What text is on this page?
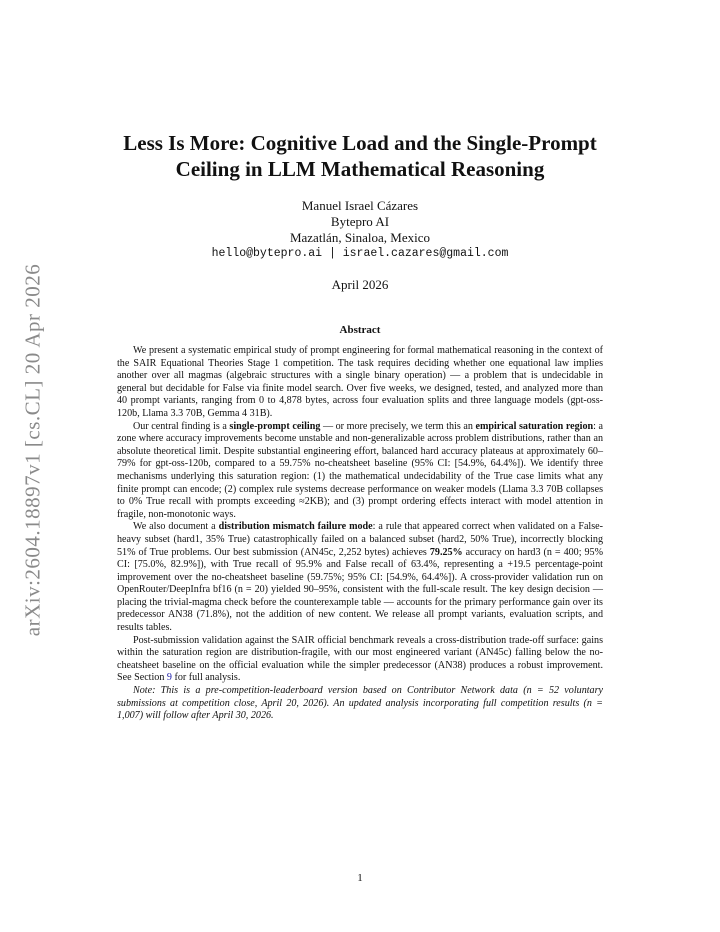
arXiv:2604.18897v1 [cs.CL] 20 Apr 2026
Less Is More: Cognitive Load and the Single-Prompt
Ceiling in LLM Mathematical Reasoning
Manuel Israel Cázares
Bytepro AI
Mazatlán, Sinaloa, Mexico
hello@bytepro.ai | israel.cazares@gmail.com
April 2026
Abstract

We present a systematic empirical study of prompt engineering for formal mathematical reasoning in the context of the SAIR Equational Theories Stage 1 competition. The task requires deciding whether one equational law implies another over all magmas (algebraic structures with a single binary operation) — a problem that is undecidable in general but decidable for False via finite model search. Over five weeks, we designed, tested, and analyzed more than 40 prompt variants, ranging from 0 to 4,878 bytes, across four evaluation splits and three language models (gpt-oss-120b, Llama 3.3 70B, Gemma 4 31B).

Our central finding is a single-prompt ceiling — or more precisely, we term this an empirical saturation region: a zone where accuracy improvements become unstable and non-generalizable across problem distributions, rather than an absolute theoretical limit. Despite substantial engineering effort, balanced hard accuracy plateaus at approximately 60–79% for gpt-oss-120b, compared to a 59.75% no-cheatsheet baseline (95% CI: [54.9%, 64.4%]). We identify three mechanisms underlying this saturation region: (1) the mathematical undecidability of the True case limits what any finite prompt can encode; (2) complex rule systems decrease performance on weaker models (Llama 3.3 70B collapses to 0% True recall with prompts exceeding ≈2KB); and (3) prompt ordering effects interact with model attention in fragile, non-monotonic ways.

We also document a distribution mismatch failure mode: a rule that appeared correct when validated on a False-heavy subset (hard1, 35% True) catastrophically failed on a balanced subset (hard2, 50% True), incorrectly blocking 51% of True problems. Our best submission (AN45c, 2,252 bytes) achieves 79.25% accuracy on hard3 (n = 400; 95% CI: [75.0%, 82.9%]), with True recall of 95.9% and False recall of 63.4%, representing a +19.5 percentage-point improvement over the no-cheatsheet baseline (59.75%; 95% CI: [54.9%, 64.4%]). A cross-provider validation run on OpenRouter/DeepInfra bf16 (n = 20) yielded 90–95%, consistent with the full-scale result. The key design decision — placing the trivial-magma check before the counterexample table — accounts for the primary performance gain over its predecessor AN38 (71.8%), not the addition of new content. We release all prompt variants, evaluation scripts, and results tables.

Post-submission validation against the SAIR official benchmark reveals a cross-distribution trade-off surface: gains within the saturation region are distribution-fragile, with our most engineered variant (AN45c) falling below the no-cheatsheet baseline on the official evaluation while the simpler predecessor (AN38) produces a robust improvement. See Section 9 for full analysis.

Note: This is a pre-competition-leaderboard version based on Contributor Network data (n = 52 voluntary submissions at competition close, April 20, 2026). An updated analysis incorporating full competition results (n = 1,007) will follow after April 30, 2026.

1
